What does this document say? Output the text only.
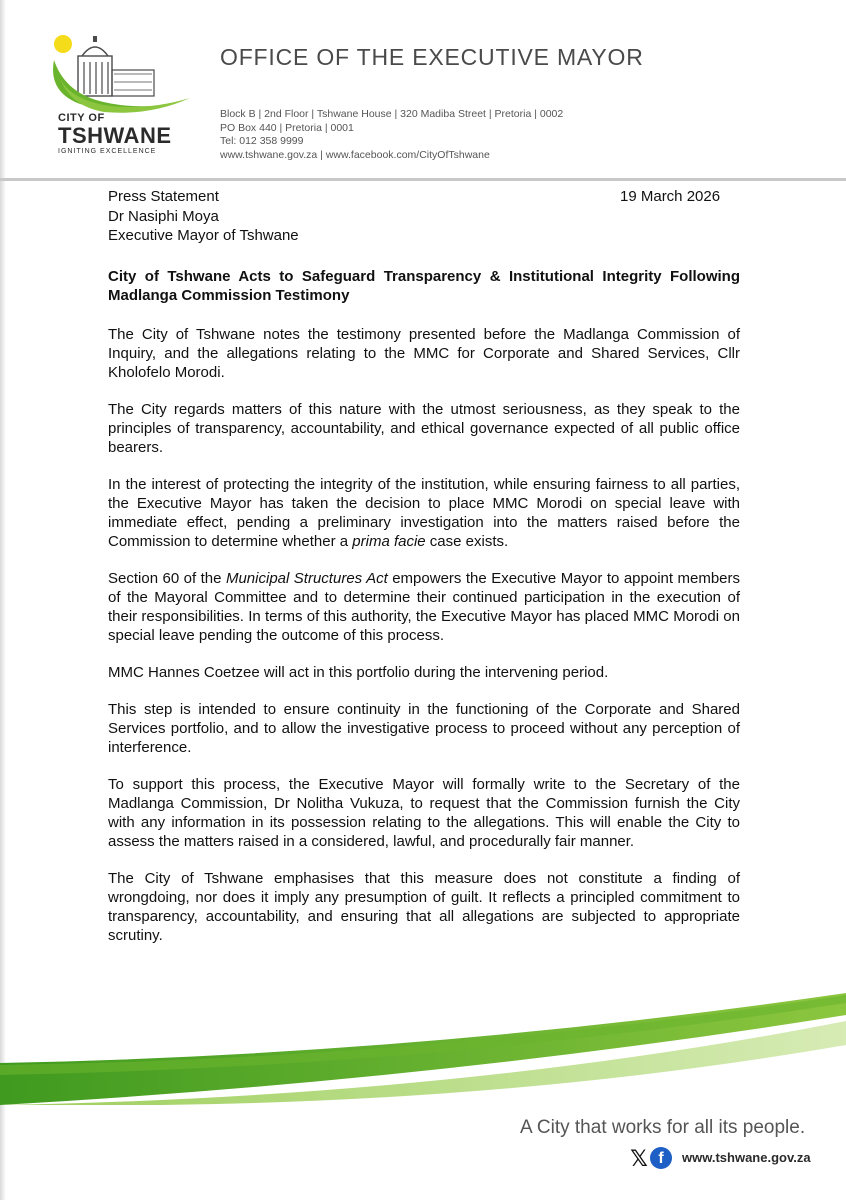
CITY OF
TSHWANE
IGNITING EXCELLENCE
OFFICE OF THE EXECUTIVE MAYOR
Block B | 2nd Floor | Tshwane House | 320 Madiba Street | Pretoria | 0002
PO Box 440 | Pretoria | 0001
Tel: 012 358 9999
www.tshwane.gov.za | www.facebook.com/CityOfTshwane
Press Statement
Dr Nasiphi Moya
Executive Mayor of Tshwane
19 March 2026
City of Tshwane Acts to Safeguard Transparency & Institutional Integrity Following Madlanga Commission Testimony

The City of Tshwane notes the testimony presented before the Madlanga Commission of Inquiry, and the allegations relating to the MMC for Corporate and Shared Services, Cllr Kholofelo Morodi.

The City regards matters of this nature with the utmost seriousness, as they speak to the principles of transparency, accountability, and ethical governance expected of all public office bearers.

In the interest of protecting the integrity of the institution, while ensuring fairness to all parties, the Executive Mayor has taken the decision to place MMC Morodi on special leave with immediate effect, pending a preliminary investigation into the matters raised before the Commission to determine whether a prima facie case exists.

Section 60 of the Municipal Structures Act empowers the Executive Mayor to appoint members of the Mayoral Committee and to determine their continued participation in the execution of their responsibilities. In terms of this authority, the Executive Mayor has placed MMC Morodi on special leave pending the outcome of this process.

MMC Hannes Coetzee will act in this portfolio during the intervening period.

This step is intended to ensure continuity in the functioning of the Corporate and Shared Services portfolio, and to allow the investigative process to proceed without any perception of interference.

To support this process, the Executive Mayor will formally write to the Secretary of the Madlanga Commission, Dr Nolitha Vukuza, to request that the Commission furnish the City with any information in its possession relating to the allegations. This will enable the City to assess the matters raised in a considered, lawful, and procedurally fair manner.

The City of Tshwane emphasises that this measure does not constitute a finding of wrongdoing, nor does it imply any presumption of guilt. It reflects a principled commitment to transparency, accountability, and ensuring that all allegations are subjected to appropriate scrutiny.

A City that works for all its people.
𝕏 f	www.tshwane.gov.za
